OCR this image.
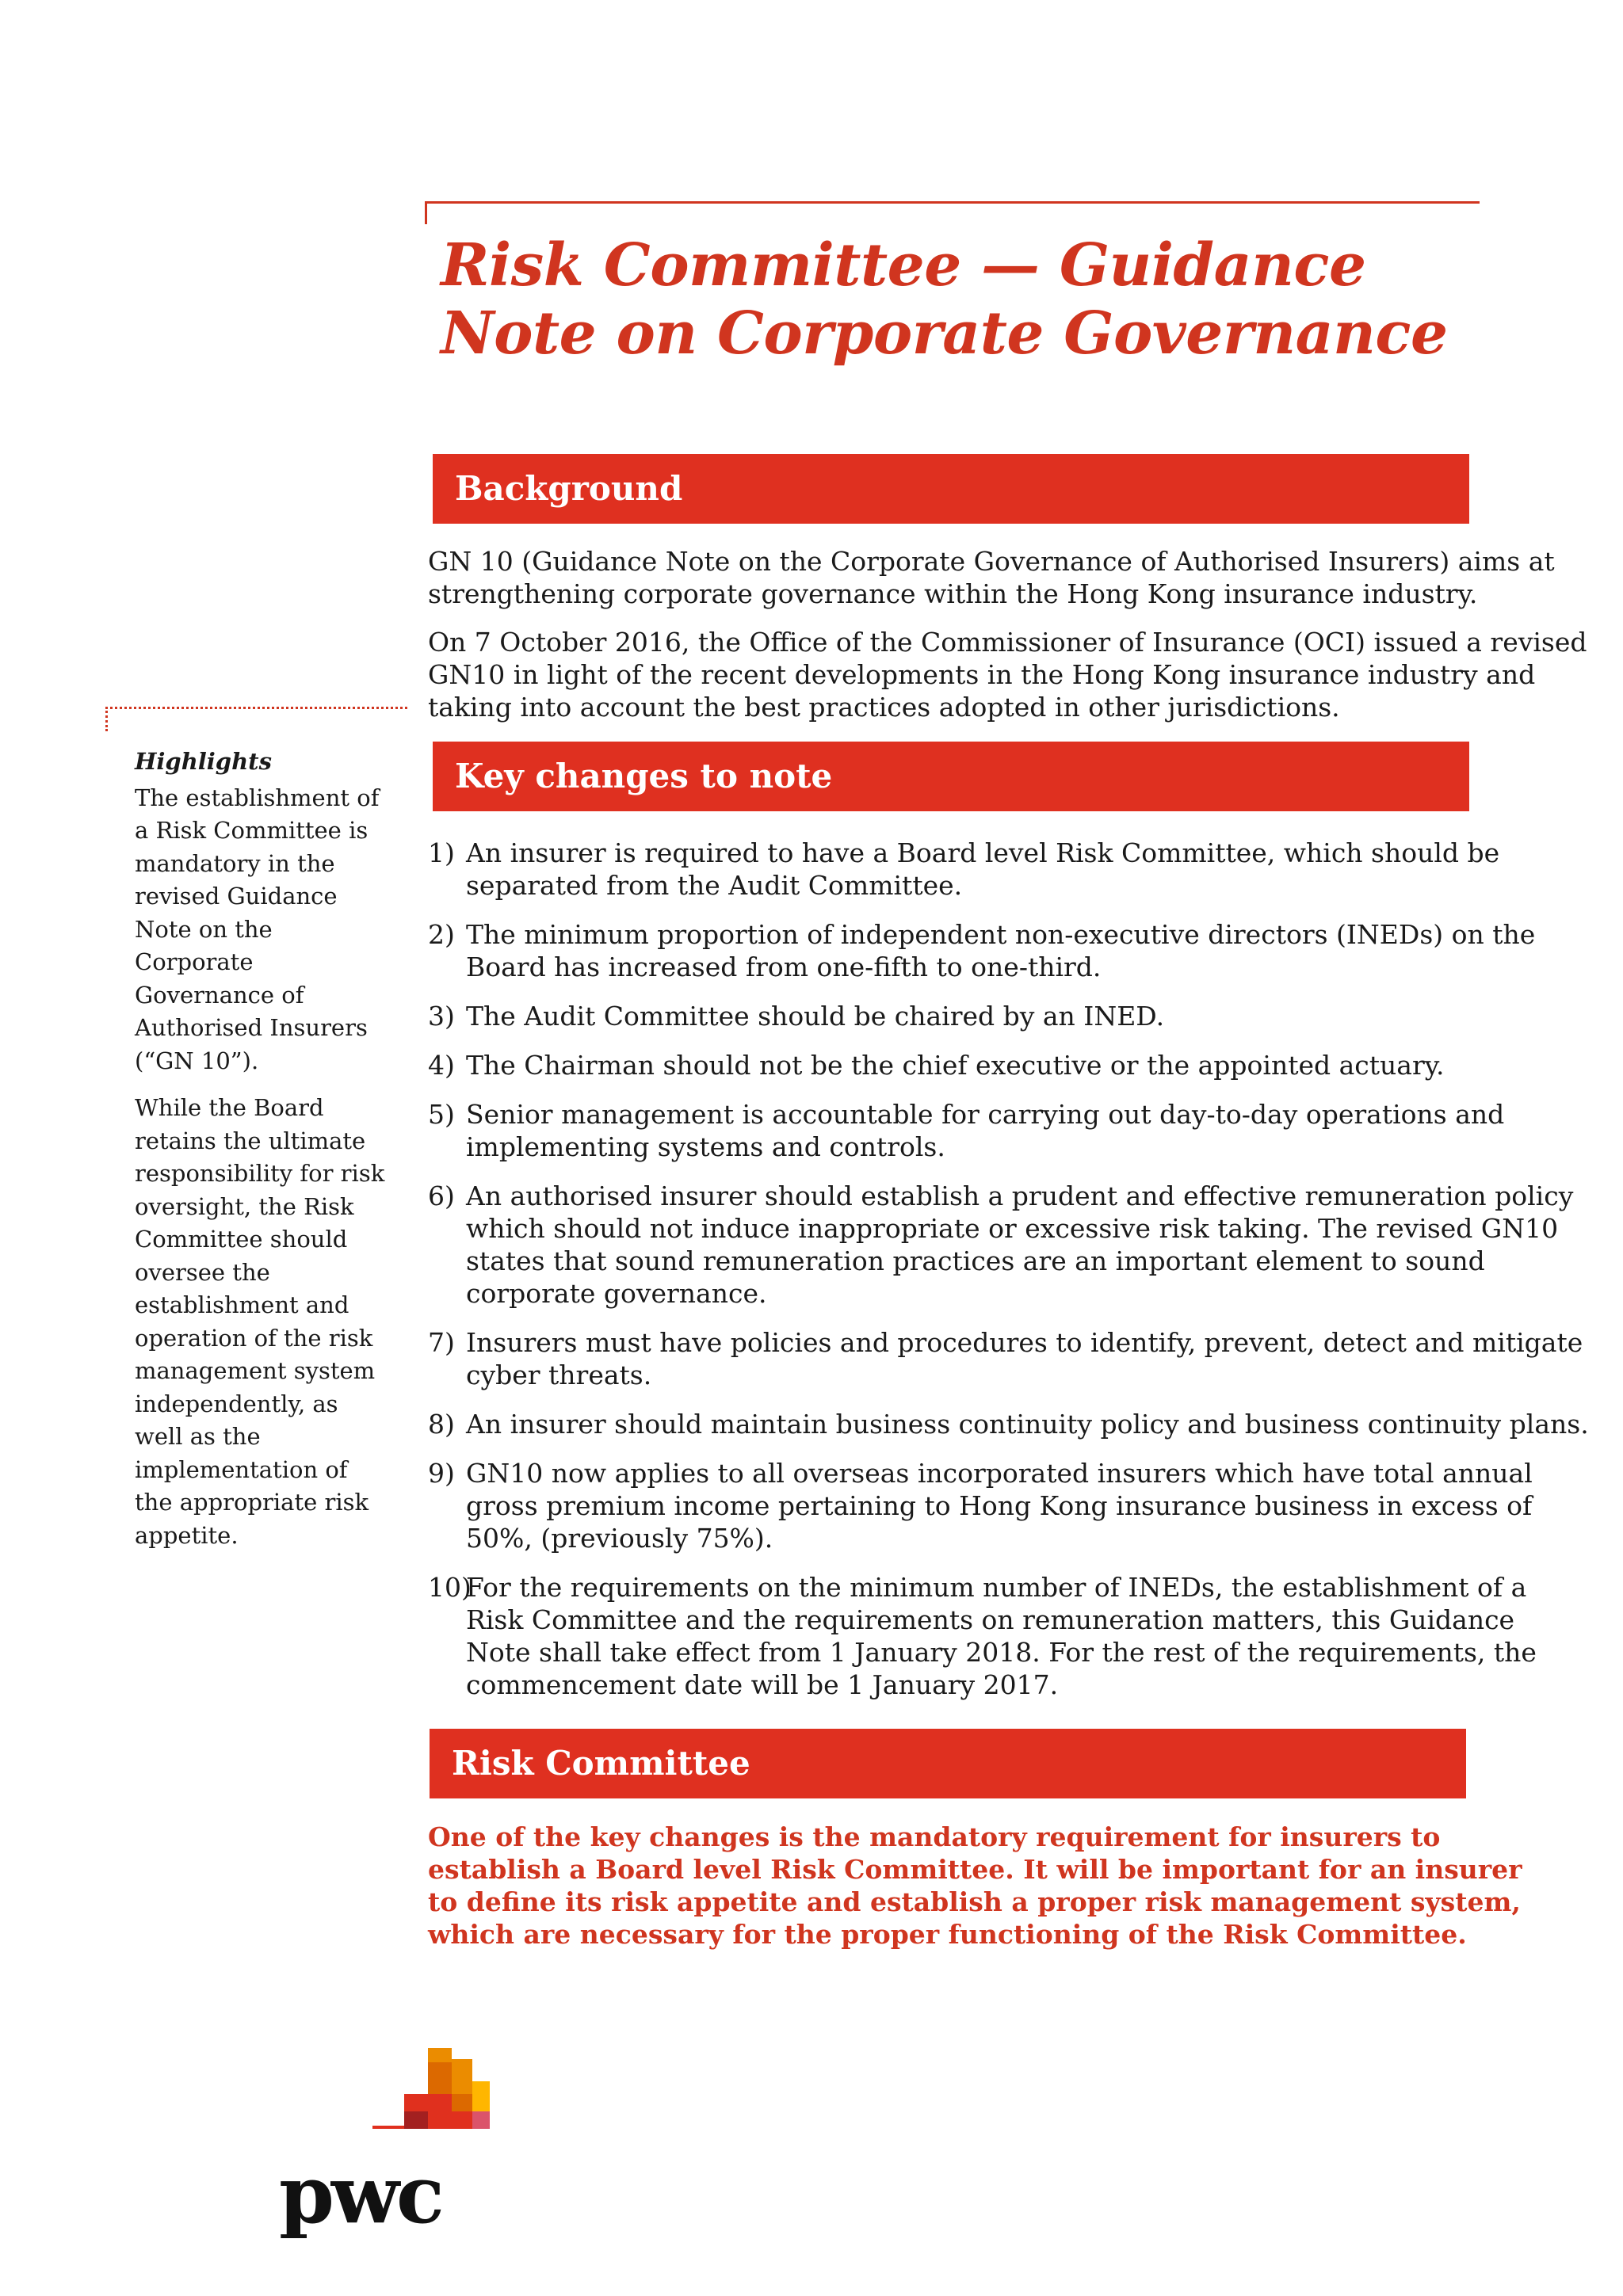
Risk Committee — Guidance
Note on Corporate Governance
Background

GN 10 (Guidance Note on the Corporate Governance of Authorised Insurers) aims at
strengthening corporate governance within the Hong Kong insurance industry.

On 7 October 2016, the Office of the Commissioner of Insurance (OCI) issued a revised
GN10 in light of the recent developments in the Hong Kong insurance industry and
taking into account the best practices adopted in other jurisdictions.

Highlights

The establishment of
a Risk Committee is
mandatory in the
revised Guidance
Note on the
Corporate
Governance of
Authorised Insurers
(“GN 10”).

While the Board
retains the ultimate
responsibility for risk
oversight, the Risk
Committee should
oversee the
establishment and
operation of the risk
management system
independently, as
well as the
implementation of
the appropriate risk
appetite.

Key changes to note
1) An insurer is required to have a Board level Risk Committee, which should be
separated from the Audit Committee.
2) The minimum proportion of independent non-executive directors (INEDs) on the
Board has increased from one-fifth to one-third.
3) The Audit Committee should be chaired by an INED.
4) The Chairman should not be the chief executive or the appointed actuary.
5) Senior management is accountable for carrying out day-to-day operations and
implementing systems and controls.
6) An authorised insurer should establish a prudent and effective remuneration policy
which should not induce inappropriate or excessive risk taking. The revised GN10
states that sound remuneration practices are an important element to sound
corporate governance.
7) Insurers must have policies and procedures to identify, prevent, detect and mitigate
cyber threats.
8) An insurer should maintain business continuity policy and business continuity plans.
9) GN10 now applies to all overseas incorporated insurers which have total annual
gross premium income pertaining to Hong Kong insurance business in excess of
50%, (previously 75%).
10)
For the requirements on the minimum number of INEDs, the establishment of a
Risk Committee and the requirements on remuneration matters, this Guidance
Note shall take effect from 1 January 2018. For the rest of the requirements, the
commencement date will be 1 January 2017.
Risk Committee

One of the key changes is the mandatory requirement for insurers to
establish a Board level Risk Committee. It will be important for an insurer
to define its risk appetite and establish a proper risk management system,
which are necessary for the proper functioning of the Risk Committee.

pwc
